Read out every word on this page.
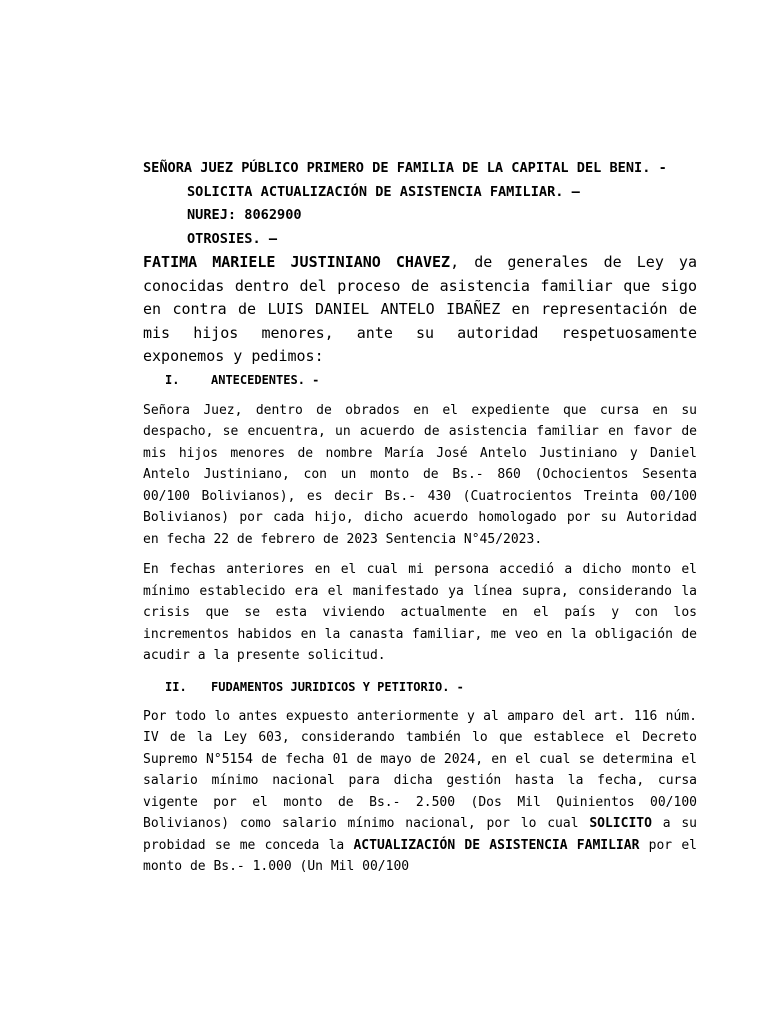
SEÑORA JUEZ PÚBLICO PRIMERO DE FAMILIA DE LA CAPITAL DEL BENI. -

SOLICITA ACTUALIZACIÓN DE ASISTENCIA FAMILIAR. –

NUREJ: 8062900

OTROSIES. –

FATIMA MARIELE JUSTINIANO CHAVEZ, de generales de Ley ya conocidas dentro del proceso de asistencia familiar que sigo en contra de LUIS DANIEL ANTELO IBAÑEZ en representación de mis hijos menores, ante su autoridad respetuosamente exponemos y pedimos:

I.	ANTECEDENTES. -

Señora Juez, dentro de obrados en el expediente que cursa en su despacho, se encuentra, un acuerdo de asistencia familiar en favor de mis hijos menores de nombre María José Antelo Justiniano y Daniel Antelo Justiniano, con un monto de Bs.- 860 (Ochocientos Sesenta 00/100 Bolivianos), es decir Bs.- 430 (Cuatrocientos Treinta 00/100 Bolivianos) por cada hijo, dicho acuerdo homologado por su Autoridad en fecha 22 de febrero de 2023 Sentencia N°45/2023.

En fechas anteriores en el cual mi persona accedió a dicho monto el mínimo establecido era el manifestado ya línea supra, considerando la crisis que se esta viviendo actualmente en el país y con los incrementos habidos en la canasta familiar, me veo en la obligación de acudir a la presente solicitud.

II.	FUDAMENTOS JURIDICOS Y PETITORIO. -

Por todo lo antes expuesto anteriormente y al amparo del art. 116 núm. IV de la Ley 603, considerando también lo que establece el Decreto Supremo N°5154 de fecha 01 de mayo de 2024, en el cual se determina el salario mínimo nacional para dicha gestión hasta la fecha, cursa vigente por el monto de Bs.- 2.500 (Dos Mil Quinientos 00/100 Bolivianos) como salario mínimo nacional, por lo cual SOLICITO a su probidad se me conceda la ACTUALIZACIÓN DE ASISTENCIA FAMILIAR por el monto de Bs.- 1.000 (Un Mil 00/100
